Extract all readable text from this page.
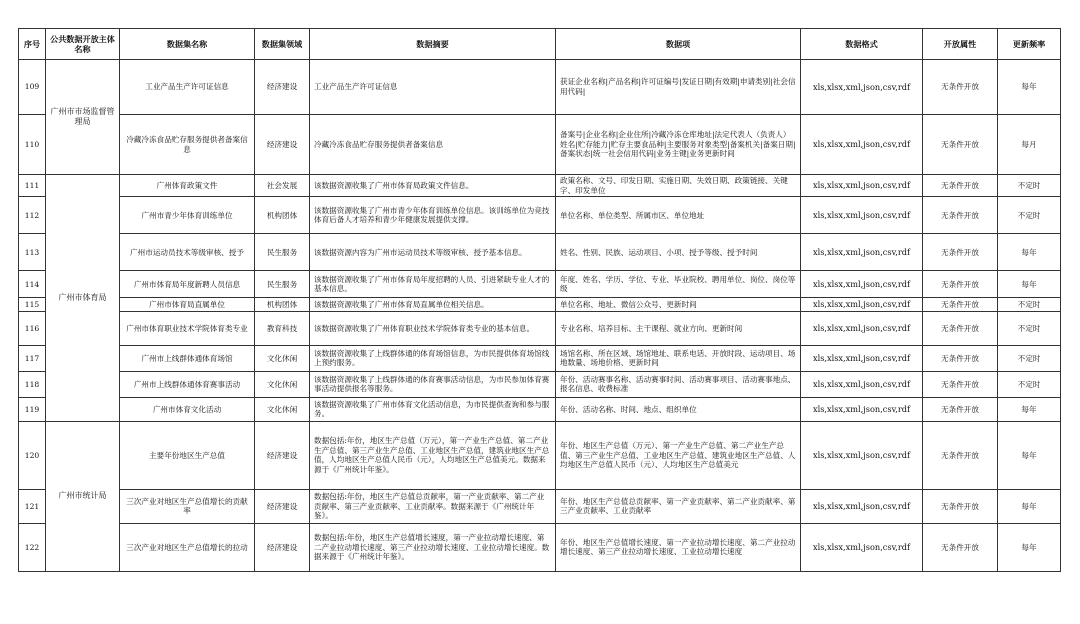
序号	公共数据开放主体名称	数据集名称	数据集领域	数据摘要	数据项	数据格式	开放属性	更新频率
109	广州市市场监督管理局	工业产品生产许可证信息	经济建设	工业产品生产许可证信息	获证企业名称|产品名称|许可证编号|发证日期|有效期|申请类别|社会信用代码|	xls,xlsx,xml,json,csv,rdf	无条件开放	每年
110		冷藏冷冻食品贮存服务提供者备案信息	经济建设	冷藏冷冻食品贮存服务提供者备案信息	备案号|企业名称|企业住所|冷藏冷冻仓库地址|法定代表人（负责人）姓名|贮存能力|贮存主要食品种|主要服务对象类型|备案机关|备案日期|备案状态|统一社会信用代码|业务主键|业务更新时间	xls,xlsx,xml,json,csv,rdf	无条件开放	每月
111	广州市体育局	广州体育政策文件	社会发展	该数据资源收集了广州市体育局政策文件信息。	政策名称、文号、印发日期、实施日期、失效日期、政策链接、关键字、印发单位	xls,xlsx,xml,json,csv,rdf	无条件开放	不定时
112		广州市青少年体育训练单位	机构团体	该数据资源收集了广州市青少年体育训练单位信息。该训练单位为竞技体育后备人才培养和青少年健康发展提供支撑。	单位名称、单位类型、所属市区、单位地址	xls,xlsx,xml,json,csv,rdf	无条件开放	不定时
113		广州市运动员技术等级审核、授予	民生服务	该数据资源内容为广州市运动员技术等级审核、授予基本信息。	姓名、性别、民族、运动项目、小项、授予等级、授予时间	xls,xlsx,xml,json,csv,rdf	无条件开放	每年
114		广州市体育局年度新聘人员信息	民生服务	该数据资源收集了广州市体育局年度招聘的人员、引进紧缺专业人才的基本信息。	年度、姓名、学历、学位、专业、毕业院校、聘用单位、岗位、岗位等级	xls,xlsx,xml,json,csv,rdf	无条件开放	每年
115		广州市体育局直属单位	机构团体	该数据资源收集了广州市体育局直属单位相关信息。	单位名称、地址、微信公众号、更新时间	xls,xlsx,xml,json,csv,rdf	无条件开放	不定时
116		广州市体育职业技术学院体育类专业	教育科技	该数据资源收集了广州体育职业技术学院体育类专业的基本信息。	专业名称、培养目标、主干课程、就业方向、更新时间	xls,xlsx,xml,json,csv,rdf	无条件开放	不定时
117		广州市上线群体通体育场馆	文化休闲	该数据资源收集了上线群体通的体育场馆信息，为市民提供体育场馆线上预约服务。	场馆名称、所在区域、场馆地址、联系电话、开放时段、运动项目、场地数量、场地价格、更新时间	xls,xlsx,xml,json,csv,rdf	无条件开放	不定时
118		广州市上线群体通体育赛事活动	文化休闲	该数据资源收集了上线群体通的体育赛事活动信息，为市民参加体育赛事活动提供报名等服务。	年份、活动赛事名称、活动赛事时间、活动赛事项目、活动赛事地点、报名信息、收费标准	xls,xlsx,xml,json,csv,rdf	无条件开放	不定时
119		广州市体育文化活动	文化休闲	该数据资源收集了广州市体育文化活动信息，为市民提供查询和参与服务。	年份、活动名称、时间、地点、组织单位	xls,xlsx,xml,json,csv,rdf	无条件开放	每年
120	广州市统计局	主要年份地区生产总值	经济建设	数据包括:年份，地区生产总值（万元），第一产业生产总值、第二产业生产总值、第三产业生产总值、工业地区生产总值，建筑业地区生产总值，人均地区生产总值人民币（元），人均地区生产总值美元。数据来源于《广州统计年鉴》。	年份、地区生产总值（万元）、第一产业生产总值、第二产业生产总值、第三产业生产总值、工业地区生产总值、建筑业地区生产总值、人均地区生产总值人民币（元）、人均地区生产总值美元	xls,xlsx,xml,json,csv,rdf	无条件开放	每年
121		三次产业对地区生产总值增长的贡献率	经济建设	数据包括:年份，地区生产总值总贡献率，第一产业贡献率、第二产业贡献率、第三产业贡献率、工业贡献率。数据来源于《广州统计年鉴》。	年份、地区生产总值总贡献率、第一产业贡献率、第二产业贡献率、第三产业贡献率、工业贡献率	xls,xlsx,xml,json,csv,rdf	无条件开放	每年
122		三次产业对地区生产总值增长的拉动	经济建设	数据包括:年份，地区生产总值增长速度，第一产业拉动增长速度、第二产业拉动增长速度、第三产业拉动增长速度、工业拉动增长速度。数据来源于《广州统计年鉴》。	年份、地区生产总值增长速度、第一产业拉动增长速度、第二产业拉动增长速度、第三产业拉动增长速度、工业拉动增长速度	xls,xlsx,xml,json,csv,rdf	无条件开放	每年
